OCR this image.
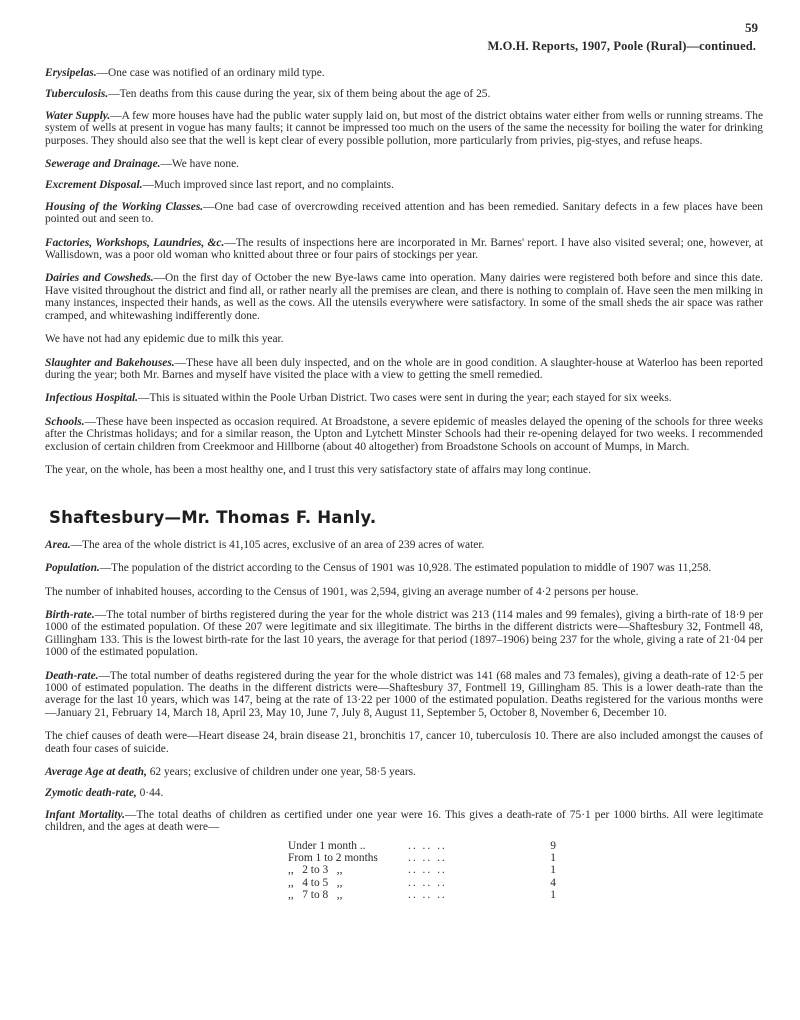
59
M.O.H. Reports, 1907, Poole (Rural)—continued.

Erysipelas.—One case was notified of an ordinary mild type.

Tuberculosis.—Ten deaths from this cause during the year, six of them being about the age of 25.

Water Supply.—A few more houses have had the public water supply laid on, but most of the district obtains water either from wells or running streams. The system of wells at present in vogue has many faults; it cannot be impressed too much on the users of the same the necessity for boiling the water for drinking purposes. They should also see that the well is kept clear of every possible pollution, more particularly from privies, pig-styes, and refuse heaps.

Sewerage and Drainage.—We have none.

Excrement Disposal.—Much improved since last report, and no complaints.

Housing of the Working Classes.—One bad case of overcrowding received attention and has been remedied. Sanitary defects in a few places have been pointed out and seen to.

Factories, Workshops, Laundries, &c.—The results of inspections here are incorporated in Mr. Barnes' report. I have also visited several; one, however, at Wallisdown, was a poor old woman who knitted about three or four pairs of stockings per year.

Dairies and Cowsheds.—On the first day of October the new Bye-laws came into operation. Many dairies were registered both before and since this date. Have visited throughout the district and find all, or rather nearly all the premises are clean, and there is nothing to complain of. Have seen the men milking in many instances, inspected their hands, as well as the cows. All the utensils everywhere were satisfactory. In some of the small sheds the air space was rather cramped, and whitewashing indifferently done.

We have not had any epidemic due to milk this year.

Slaughter and Bakehouses.—These have all been duly inspected, and on the whole are in good condition. A slaughter-house at Waterloo has been reported during the year; both Mr. Barnes and myself have visited the place with a view to getting the smell remedied.

Infectious Hospital.—This is situated within the Poole Urban District. Two cases were sent in during the year; each stayed for six weeks.

Schools.—These have been inspected as occasion required. At Broadstone, a severe epidemic of measles delayed the opening of the schools for three weeks after the Christmas holidays; and for a similar reason, the Upton and Lytchett Minster Schools had their re-opening delayed for two weeks. I recommended exclusion of certain children from Creekmoor and Hillborne (about 40 altogether) from Broadstone Schools on account of Mumps, in March.

The year, on the whole, has been a most healthy one, and I trust this very satisfactory state of affairs may long continue.

Shaftesbury—Mr. Thomas F. Hanly.

Area.—The area of the whole district is 41,105 acres, exclusive of an area of 239 acres of water.

Population.—The population of the district according to the Census of 1901 was 10,928. The estimated population to middle of 1907 was 11,258.

The number of inhabited houses, according to the Census of 1901, was 2,594, giving an average number of 4·2 persons per house.

Birth-rate.—The total number of births registered during the year for the whole district was 213 (114 males and 99 females), giving a birth-rate of 18·9 per 1000 of the estimated population. Of these 207 were legitimate and six illegitimate. The births in the different districts were—Shaftesbury 32, Fontmell 48, Gillingham 133. This is the lowest birth-rate for the last 10 years, the average for that period (1897–1906) being 237 for the whole, giving a rate of 21·04 per 1000 of the estimated population.

Death-rate.—The total number of deaths registered during the year for the whole district was 141 (68 males and 73 females), giving a death-rate of 12·5 per 1000 of estimated population. The deaths in the different districts were—Shaftesbury 37, Fontmell 19, Gillingham 85. This is a lower death-rate than the average for the last 10 years, which was 147, being at the rate of 13·22 per 1000 of the estimated population. Deaths registered for the various months were—January 21, February 14, March 18, April 23, May 10, June 7, July 8, August 11, September 5, October 8, November 6, December 10.

The chief causes of death were—Heart disease 24, brain disease 21, bronchitis 17, cancer 10, tuberculosis 10. There are also included amongst the causes of death four cases of suicide.

Average Age at death, 62 years; exclusive of children under one year, 58·5 years.

Zymotic death-rate, 0·44.

Infant Mortality.—The total deaths of children as certified under one year were 16. This gives a death-rate of 75·1 per 1000 births. All were legitimate children, and the ages at death were—

Under 1 month ..	.. .. ..	9
From 1 to 2 months	.. .. ..	1
,,   2 to 3   ,,	.. .. ..	1
,,   4 to 5   ,,	.. .. ..	4
,,   7 to 8   ,,	.. .. ..	1
